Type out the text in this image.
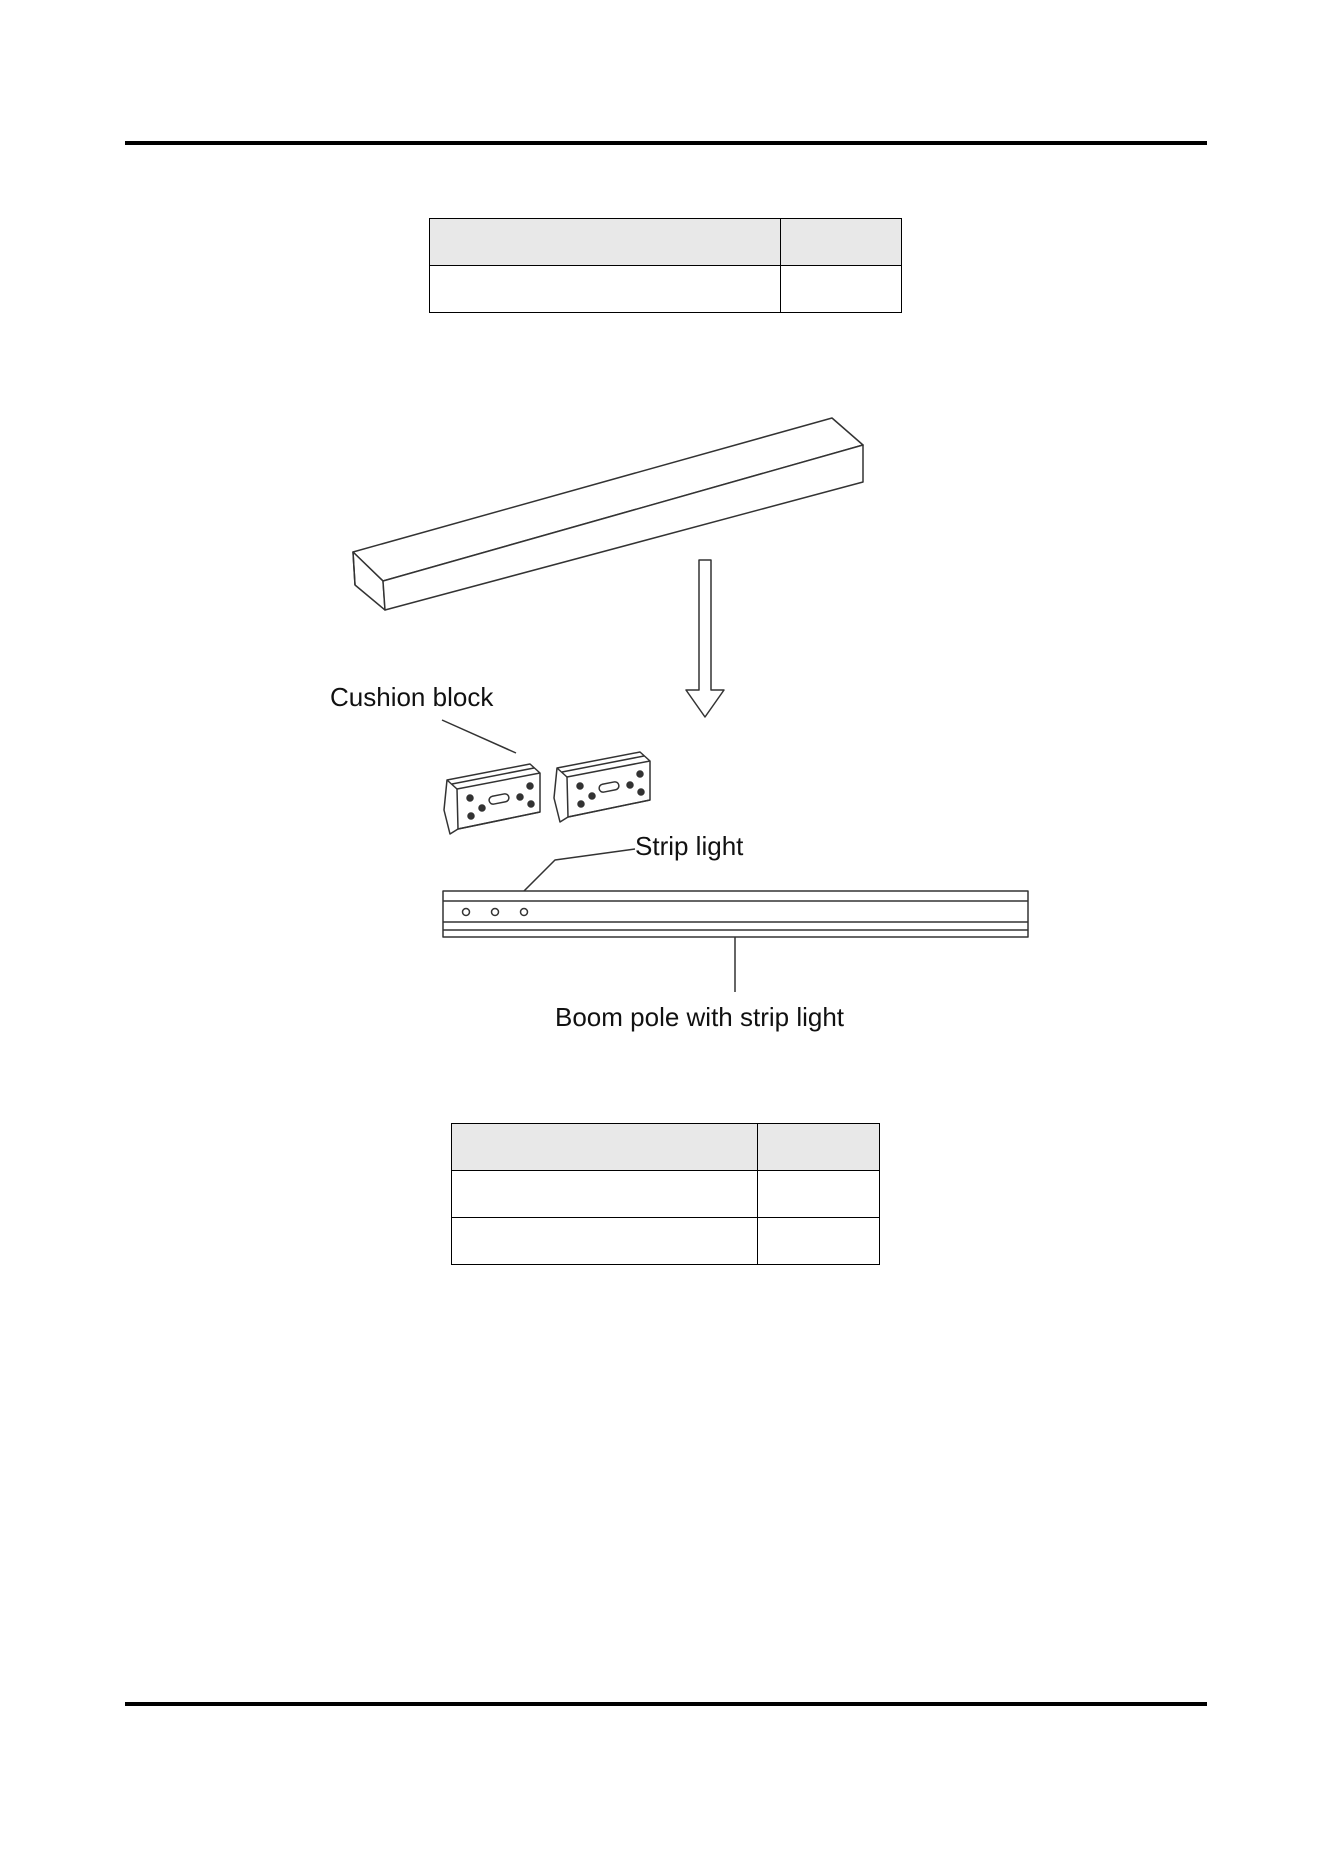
Cushion block
Strip light
Boom pole with strip light
